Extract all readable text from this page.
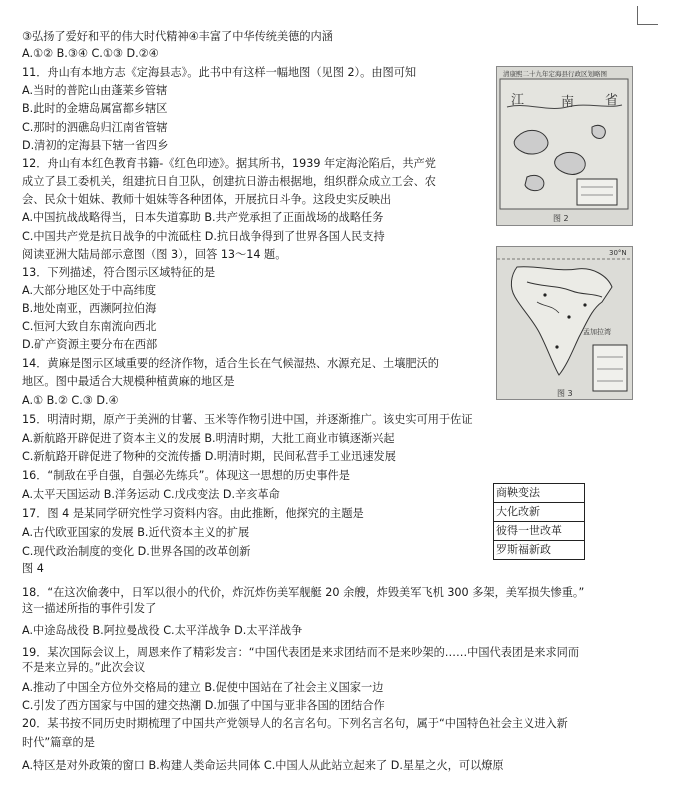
③弘扬了爱好和平的伟大时代精神④丰富了中华传统美德的内涵
A.①② B.③④ C.①③ D.②④
11．舟山有本地方志《定海县志》。此书中有这样一幅地图（见图 2）。由图可知
A.当时的普陀山由蓬莱乡管辖
B.此时的金塘岛属富都乡辖区
C.那时的泗礁岛归江南省管辖
D.清初的定海县下辖一省四乡
12．舟山有本红色教育书籍-《红色印迹》。据其所书，1939 年定海沦陷后，共产党
成立了县工委机关，组建抗日自卫队，创建抗日游击根据地，组织群众成立工会、农
会、民众十姐妹、教师十姐妹等各种团体，开展抗日斗争。这段史实反映出
A.中国抗战战略得当，日本失道寡助 B.共产党承担了正面战场的战略任务
C.中国共产党是抗日战争的中流砥柱 D.抗日战争得到了世界各国人民支持
阅读亚洲大陆局部示意图（图 3），回答 13～14 题。
13．下列描述，符合图示区域特征的是
A.大部分地区处于中高纬度
B.地处南亚，西濒阿拉伯海
C.恒河大致自东南流向西北
D.矿产资源主要分布在西部
14．黄麻是图示区域重要的经济作物，适合生长在气候湿热、水源充足、土壤肥沃的
地区。图中最适合大规模种植黄麻的地区是
A.① B.② C.③ D.④
15．明清时期，原产于美洲的甘薯、玉米等作物引进中国，并逐渐推广。该史实可用于佐证
A.新航路开辟促进了资本主义的发展 B.明清时期，大批工商业市镇逐渐兴起
C.新航路开辟促进了物种的交流传播 D.明清时期，民间私营手工业迅速发展
16．“制敌在乎自强，自强必先练兵”。体现这一思想的历史事件是
A.太平天国运动 B.洋务运动 C.戊戌变法 D.辛亥革命
17．图 4 是某同学研究性学习资料内容。由此推断，他探究的主题是
A.古代欧亚国家的发展 B.近代资本主义的扩展
C.现代政治制度的变化 D.世界各国的改革创新
图 4
18．“在这次偷袭中，日军以很小的代价，炸沉炸伤美军舰艇 20 余艘，炸毁美军飞机 300 多架，美军损失惨重。”
这一描述所指的事件引发了
A.中途岛战役 B.阿拉曼战役 C.太平洋战争 D.太平洋战争
19．某次国际会议上，周恩来作了精彩发言：“中国代表团是来求团结而不是来吵架的……中国代表团是来求同而
不是来立异的。”此次会议
A.推动了中国全方位外交格局的建立 B.促使中国站在了社会主义国家一边
C.引发了西方国家与中国的建交热潮 D.加强了中国与亚非各国的团结合作
20．某书按不同历史时期梳理了中国共产党领导人的名言名句。下列名言名句，属于“中国特色社会主义进入新
时代”篇章的是
A.特区是对外政策的窗口 B.构建人类命运共同体 C.中国人从此站立起来了 D.星星之火，可以燎原
清康熙二十九年定海县行政区划略图
江	南 省
图 2
30°N
孟加拉湾
图 3
商鞅变法
大化改新
彼得一世改革
罗斯福新政
